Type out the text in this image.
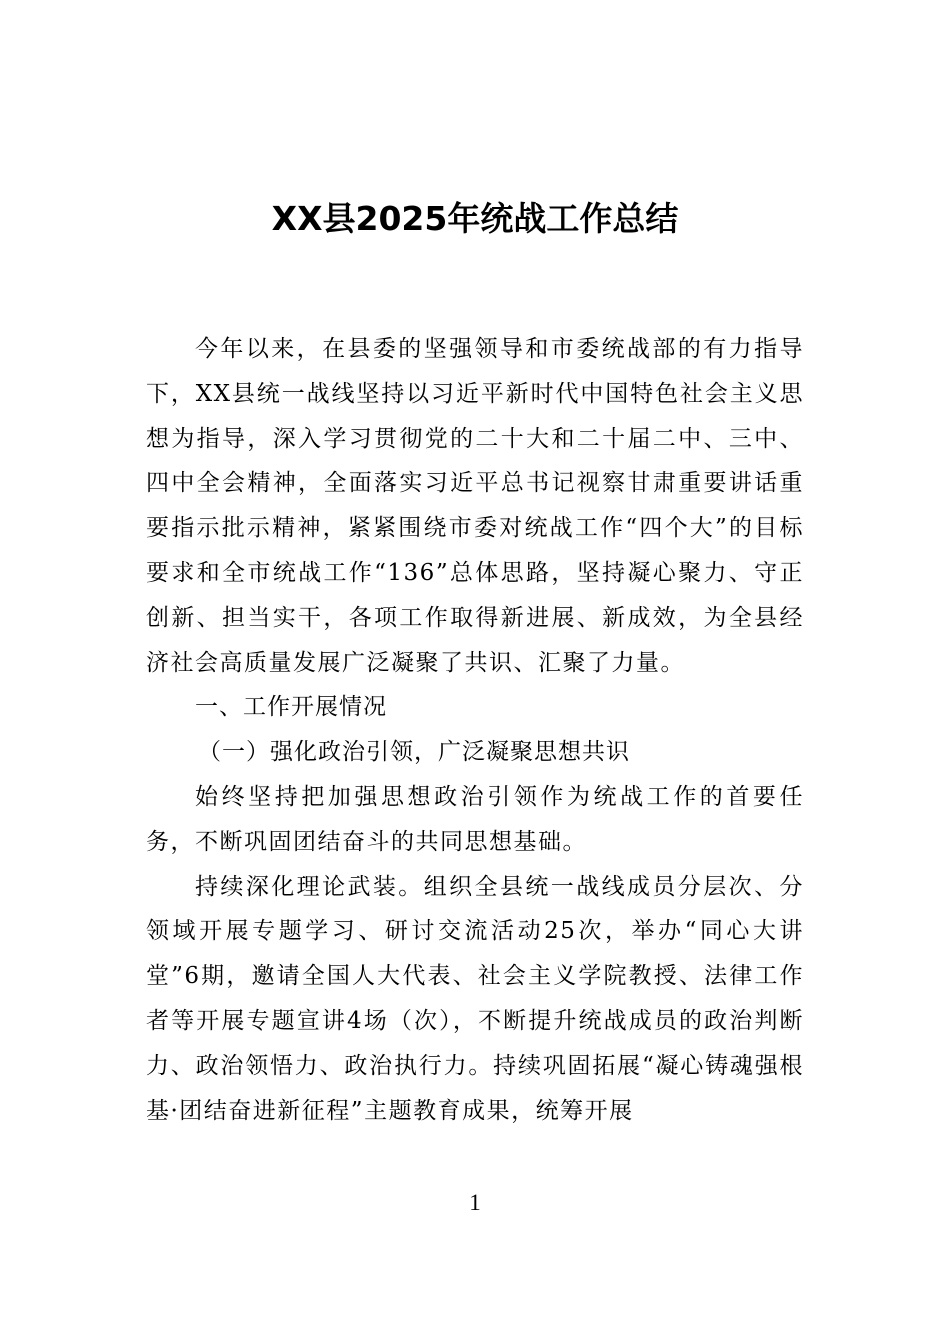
XX县2025年统战工作总结

今年以来，在县委的坚强领导和市委统战部的有力指导下，XX县统一战线坚持以习近平新时代中国特色社会主义思想为指导，深入学习贯彻党的二十大和二十届二中、三中、四中全会精神，全面落实习近平总书记视察甘肃重要讲话重要指示批示精神，紧紧围绕市委对统战工作“四个大”的目标要求和全市统战工作“136”总体思路，坚持凝心聚力、守正创新、担当实干，各项工作取得新进展、新成效，为全县经济社会高质量发展广泛凝聚了共识、汇聚了力量。

一、工作开展情况

（一）强化政治引领，广泛凝聚思想共识

始终坚持把加强思想政治引领作为统战工作的首要任务，不断巩固团结奋斗的共同思想基础。

持续深化理论武装。组织全县统一战线成员分层次、分领域开展专题学习、研讨交流活动25次，举办“同心大讲堂”6期，邀请全国人大代表、社会主义学院教授、法律工作者等开展专题宣讲4场（次），不断提升统战成员的政治判断力、政治领悟力、政治执行力。持续巩固拓展“凝心铸魂强根基·团结奋进新征程”主题教育成果，统筹开展

1
